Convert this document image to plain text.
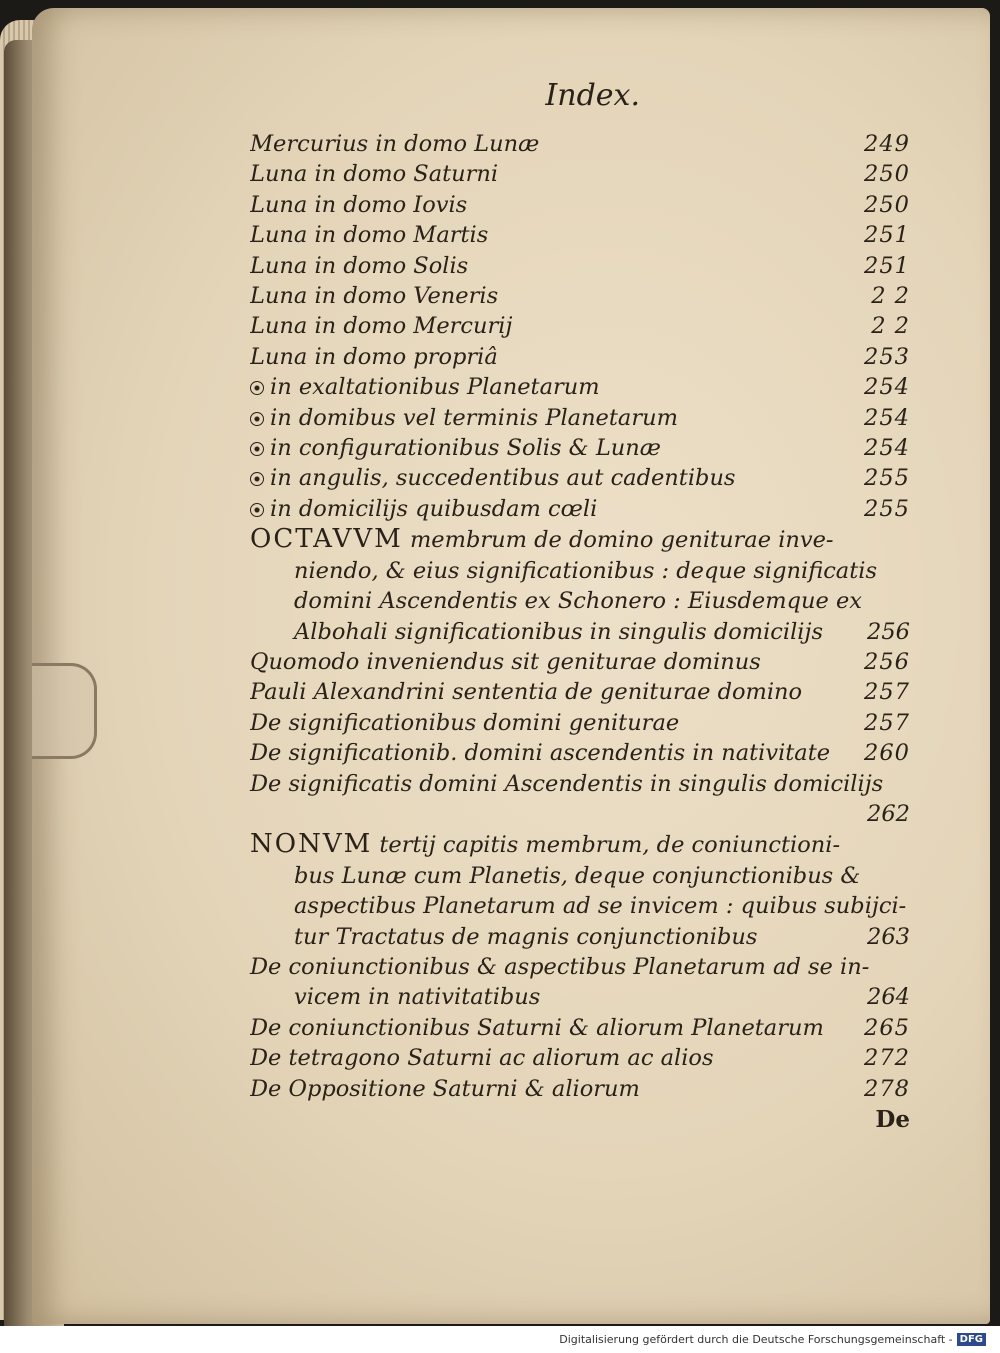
Index.
Mercurius in domo Lunæ	249
Luna in domo Saturni	250
Luna in domo Iovis	250
Luna in domo Martis	251
Luna in domo Solis	251
Luna in domo Veneris	2 2
Luna in domo Mercurij	2 2
Luna in domo propriâ	253
in exaltationibus Planetarum	254
in domibus vel terminis Planetarum	254
in configurationibus Solis & Lunæ	254
in angulis, succedentibus aut cadentibus	255
in domicilijs quibusdam cœli	255
OCTAVVM membrum de domino geniturae inve-
niendo, & eius significationibus : deque significatis
domini Ascendentis ex Schonero : Eiusdemque ex
Albohali significationibus in singulis domicilijs 256
Quomodo inveniendus sit geniturae dominus	256
Pauli Alexandrini sententia de geniturae domino	257
De significationibus domini geniturae	257
De significationib. domini ascendentis in nativitate	260
De significatis domini Ascendentis in singulis domicilijs
262
NONVM tertij capitis membrum, de coniunctioni-
bus Lunæ cum Planetis, deque conjunctionibus &
aspectibus Planetarum ad se invicem : quibus subijci-
tur Tractatus de magnis conjunctionibus	263
De coniunctionibus & aspectibus Planetarum ad se in-
vicem in nativitatibus	264
De coniunctionibus Saturni & aliorum Planetarum	265
De tetragono Saturni ac aliorum ac alios	272
De Oppositione Saturni & aliorum	278
De
Digitalisierung gefördert durch die Deutsche Forschungsgemeinschaft - DFG
